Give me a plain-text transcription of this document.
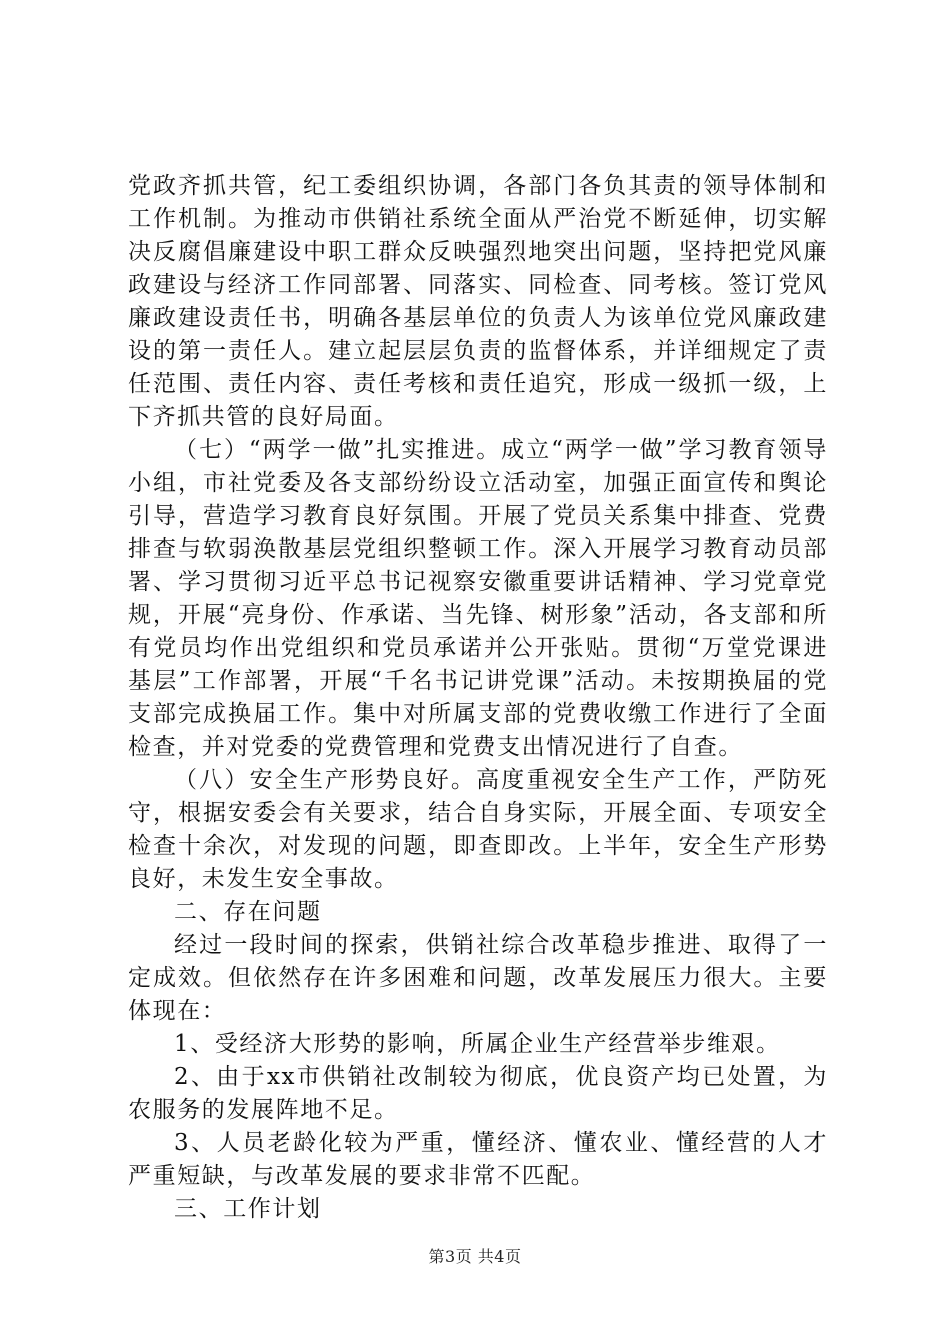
党政齐抓共管，纪工委组织协调，各部门各负其责的领导体制和工作机制。为推动市供销社系统全面从严治党不断延伸，切实解决反腐倡廉建设中职工群众反映强烈地突出问题，坚持把党风廉政建设与经济工作同部署、同落实、同检查、同考核。签订党风廉政建设责任书，明确各基层单位的负责人为该单位党风廉政建设的第一责任人。建立起层层负责的监督体系，并详细规定了责任范围、责任内容、责任考核和责任追究，形成一级抓一级，上下齐抓共管的良好局面。

（七）“两学一做”扎实推进。成立“两学一做”学习教育领导小组，市社党委及各支部纷纷设立活动室，加强正面宣传和舆论引导，营造学习教育良好氛围。开展了党员关系集中排查、党费排查与软弱涣散基层党组织整顿工作。深入开展学习教育动员部署、学习贯彻习近平总书记视察安徽重要讲话精神、学习党章党规，开展“亮身份、作承诺、当先锋、树形象”活动，各支部和所有党员均作出党组织和党员承诺并公开张贴。贯彻“万堂党课进基层”工作部署，开展“千名书记讲党课”活动。未按期换届的党支部完成换届工作。集中对所属支部的党费收缴工作进行了全面检查，并对党委的党费管理和党费支出情况进行了自查。

（八）安全生产形势良好。高度重视安全生产工作，严防死守，根据安委会有关要求，结合自身实际，开展全面、专项安全检查十余次，对发现的问题，即查即改。上半年，安全生产形势良好，未发生安全事故。

二、存在问题

经过一段时间的探索，供销社综合改革稳步推进、取得了一定成效。但依然存在许多困难和问题，改革发展压力很大。主要体现在：

1、受经济大形势的影响，所属企业生产经营举步维艰。

2、由于xx市供销社改制较为彻底，优良资产均已处置，为农服务的发展阵地不足。

3、人员老龄化较为严重，懂经济、懂农业、懂经营的人才严重短缺，与改革发展的要求非常不匹配。

三、工作计划

第3页 共4页
